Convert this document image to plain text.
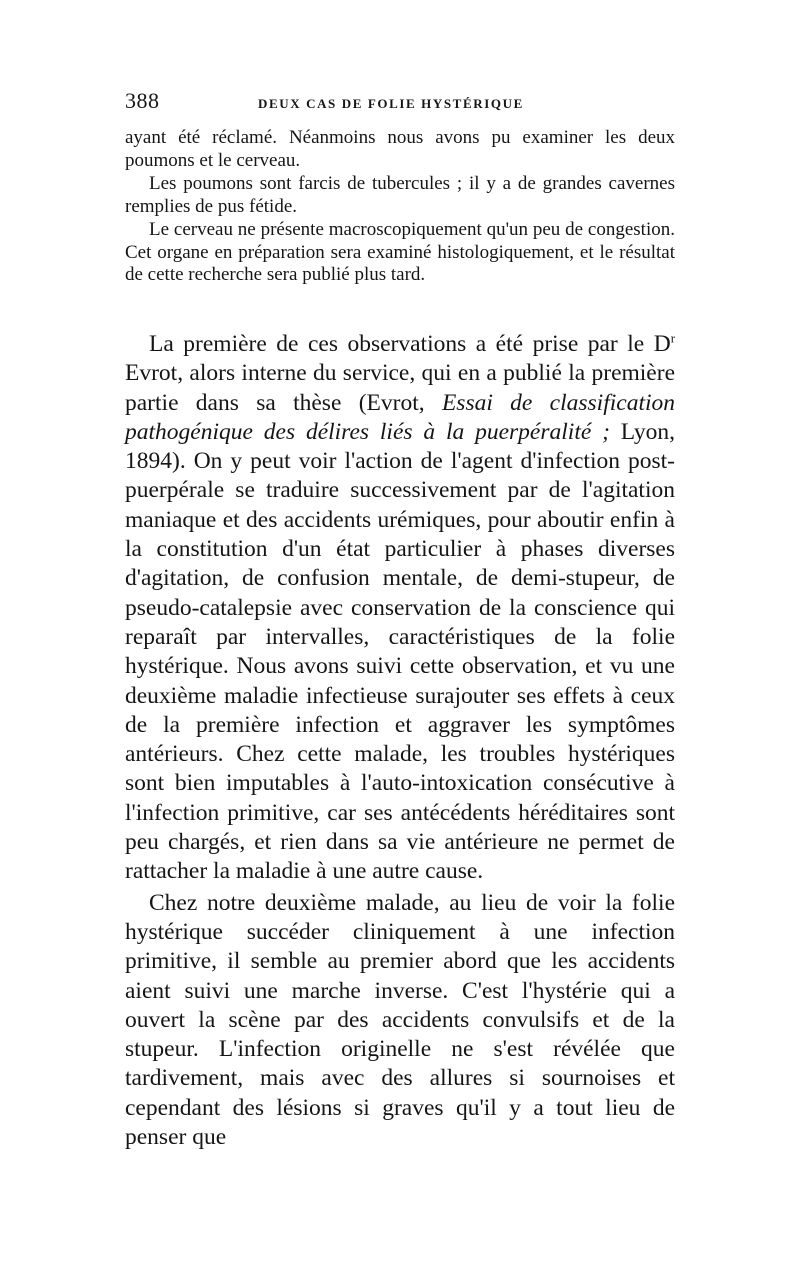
388	DEUX CAS DE FOLIE HYSTÉRIQUE

ayant été réclamé. Néanmoins nous avons pu examiner les deux poumons et le cerveau.

Les poumons sont farcis de tubercules ; il y a de grandes cavernes remplies de pus fétide.

Le cerveau ne présente macroscopiquement qu'un peu de congestion. Cet organe en préparation sera examiné histologiquement, et le résultat de cette recherche sera publié plus tard.

La première de ces observations a été prise par le $D^r$ Evrot, alors interne du service, qui en a publié la première partie dans sa thèse (Evrot, Essai de classification pathogénique des délires liés à la puerpéralité ; Lyon, 1894). On y peut voir l'action de l'agent d'infection post-puerpérale se traduire successivement par de l'agitation maniaque et des accidents urémiques, pour aboutir enfin à la constitution d'un état particulier à phases diverses d'agitation, de confusion mentale, de demi-stupeur, de pseudo-catalepsie avec conservation de la conscience qui reparaît par intervalles, caractéristiques de la folie hystérique. Nous avons suivi cette observation, et vu une deuxième maladie infectieuse surajouter ses effets à ceux de la première infection et aggraver les symptômes antérieurs. Chez cette malade, les troubles hystériques sont bien imputables à l'auto-intoxication consécutive à l'infection primitive, car ses antécédents héréditaires sont peu chargés, et rien dans sa vie antérieure ne permet de rattacher la maladie à une autre cause.

Chez notre deuxième malade, au lieu de voir la folie hystérique succéder cliniquement à une infection primitive, il semble au premier abord que les accidents aient suivi une marche inverse. C'est l'hystérie qui a ouvert la scène par des accidents convulsifs et de la stupeur. L'infection originelle ne s'est révélée que tardivement, mais avec des allures si sournoises et cependant des lésions si graves qu'il y a tout lieu de penser que
